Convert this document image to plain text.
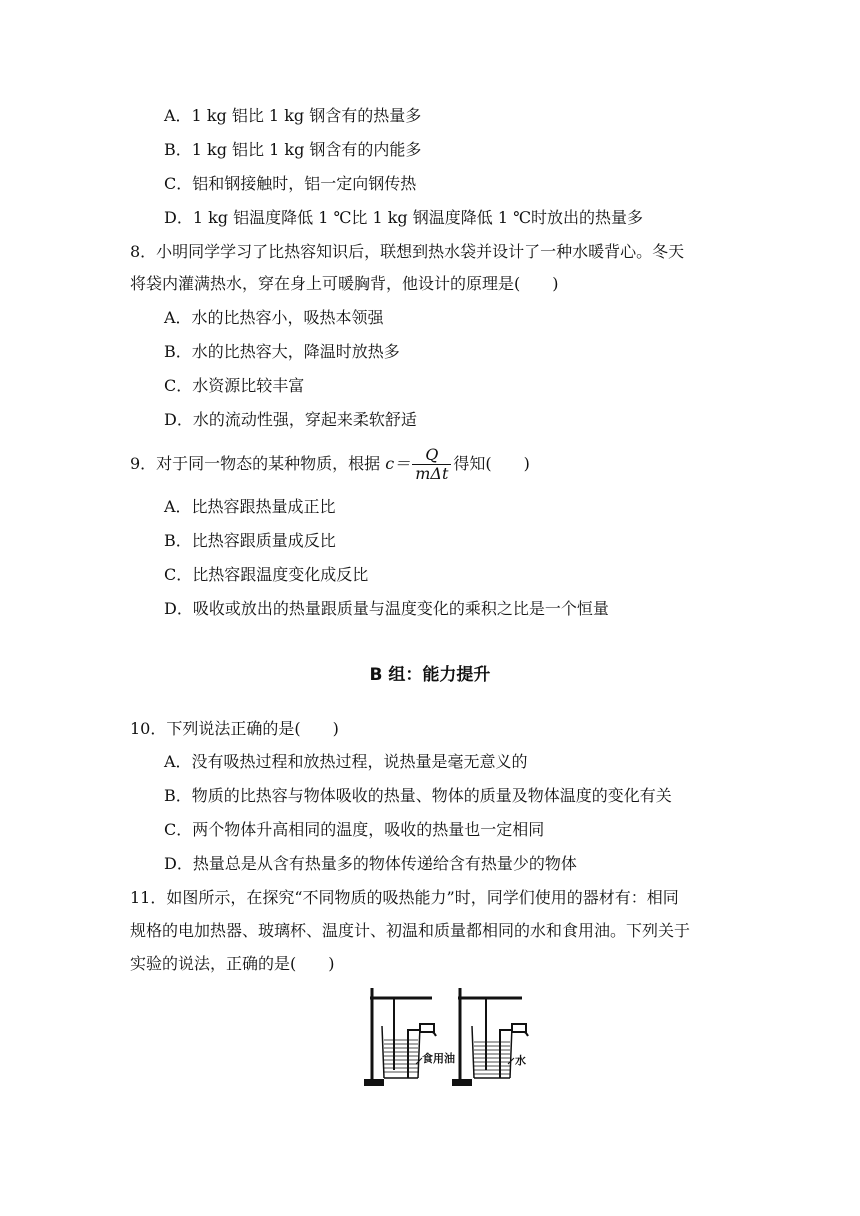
A．1 kg 铝比 1 kg 钢含有的热量多
B．1 kg 铝比 1 kg 钢含有的内能多
C．铝和钢接触时，铝一定向钢传热
D．1 kg 铝温度降低 1 ℃比 1 kg 钢温度降低 1 ℃时放出的热量多
8．小明同学学习了比热容知识后，联想到热水袋并设计了一种水暖背心。冬天
将袋内灌满热水，穿在身上可暖胸背，他设计的原理是(　　)
A．水的比热容小，吸热本领强
B．水的比热容大，降温时放热多
C．水资源比较丰富
D．水的流动性强，穿起来柔软舒适
9．对于同一物态的某种物质，根据 $c= \frac{Q}{\text{mΔt}}$ 得知(　　)
A．比热容跟热量成正比
B．比热容跟质量成反比
C．比热容跟温度变化成反比
D．吸收或放出的热量跟质量与温度变化的乘积之比是一个恒量
B 组：能力提升
10．下列说法正确的是(　　)
A．没有吸热过程和放热过程，说热量是毫无意义的
B．物质的比热容与物体吸收的热量、物体的质量及物体温度的变化有关
C．两个物体升高相同的温度，吸收的热量也一定相同
D．热量总是从含有热量多的物体传递给含有热量少的物体
11．如图所示，在探究“不同物质的吸热能力”时，同学们使用的器材有：相同
规格的电加热器、玻璃杯、温度计、初温和质量都相同的水和食用油。下列关于
实验的说法，正确的是(　　)
食用油	水
